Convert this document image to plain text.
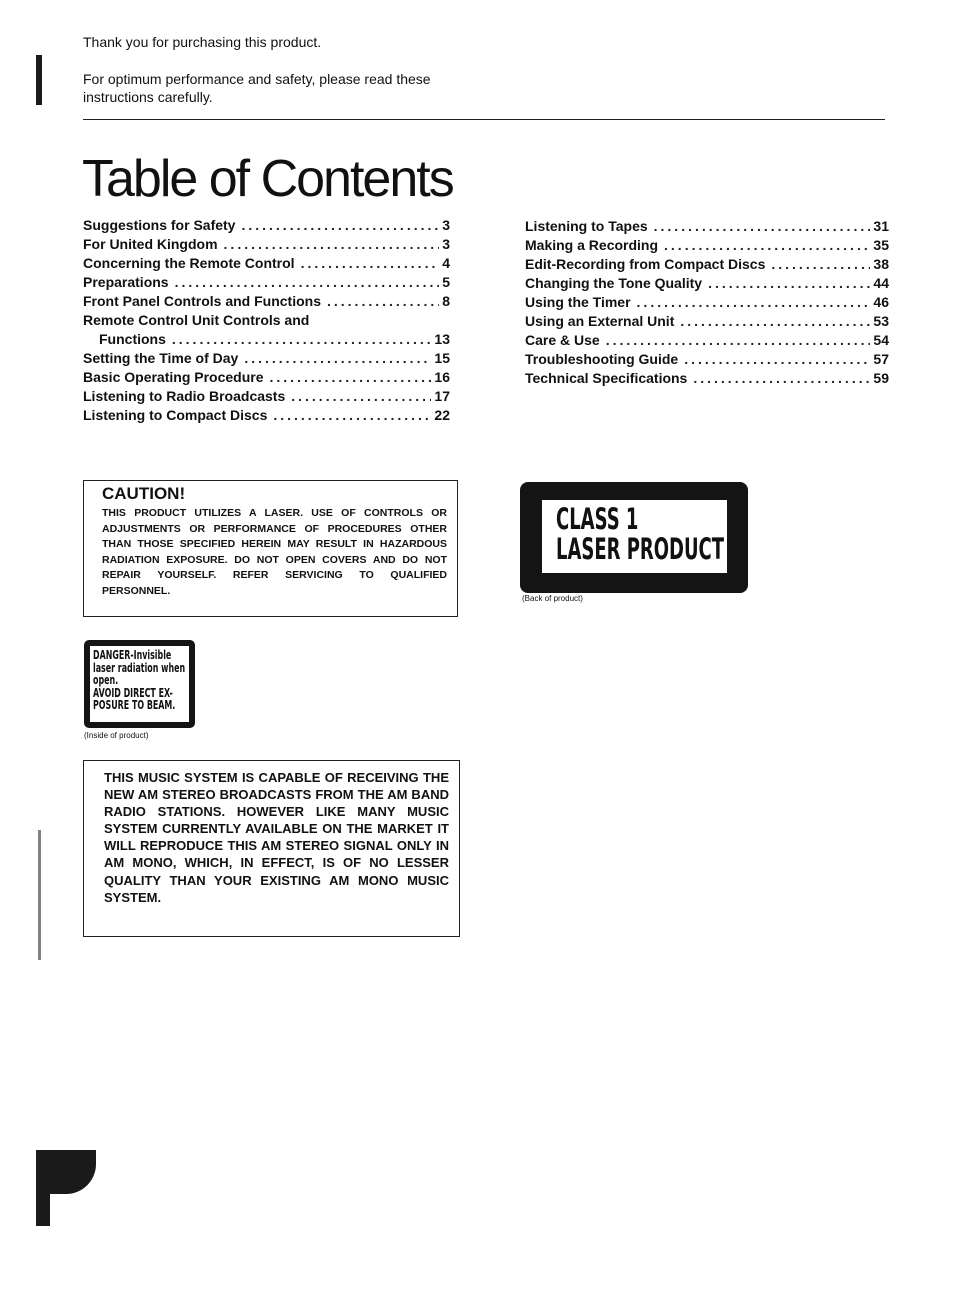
Thank you for purchasing this product.

For optimum performance and safety, please read these instructions carefully.

Table of Contents
Suggestions for Safety .....	3
For United Kingdom .....	3
Concerning the Remote Control .....	4
Preparations .....	5
Front Panel Controls and Functions .....	8
Remote Control Unit Controls and
Functions .....	13
Setting the Time of Day .....	15
Basic Operating Procedure .....	16
Listening to Radio Broadcasts .....	17
Listening to Compact Discs .....	22
Listening to Tapes .....	31
Making a Recording .....	35
Edit-Recording from Compact Discs .....	38
Changing the Tone Quality .....	44
Using the Timer .....	46
Using an External Unit .....	53
Care & Use .....	54
Troubleshooting Guide .....	57
Technical Specifications .....	59

CAUTION!

THIS PRODUCT UTILIZES A LASER. USE OF CONTROLS OR ADJUSTMENTS OR PERFORMANCE OF PROCEDURES OTHER THAN THOSE SPECIFIED HEREIN MAY RESULT IN HAZARDOUS RADIATION EXPOSURE. DO NOT OPEN COVERS AND DO NOT REPAIR YOURSELF. REFER SERVICING TO QUALIFIED PERSONNEL.

CLASS 1
LASER PRODUCT
(Back of product)

DANGER-Invisible

laser radiation when

open.

AVOID DIRECT EX-

POSURE TO BEAM.

(Inside of product)

THIS MUSIC SYSTEM IS CAPABLE OF RECEIVING THE NEW AM STEREO BROADCASTS FROM THE AM BAND RADIO STATIONS. HOWEVER LIKE MANY MUSIC SYSTEM CURRENTLY AVAILABLE ON THE MARKET IT WILL REPRODUCE THIS AM STEREO SIGNAL ONLY IN AM MONO, WHICH, IN EFFECT, IS OF NO LESSER QUALITY THAN YOUR EXISTING AM MONO MUSIC SYSTEM.
